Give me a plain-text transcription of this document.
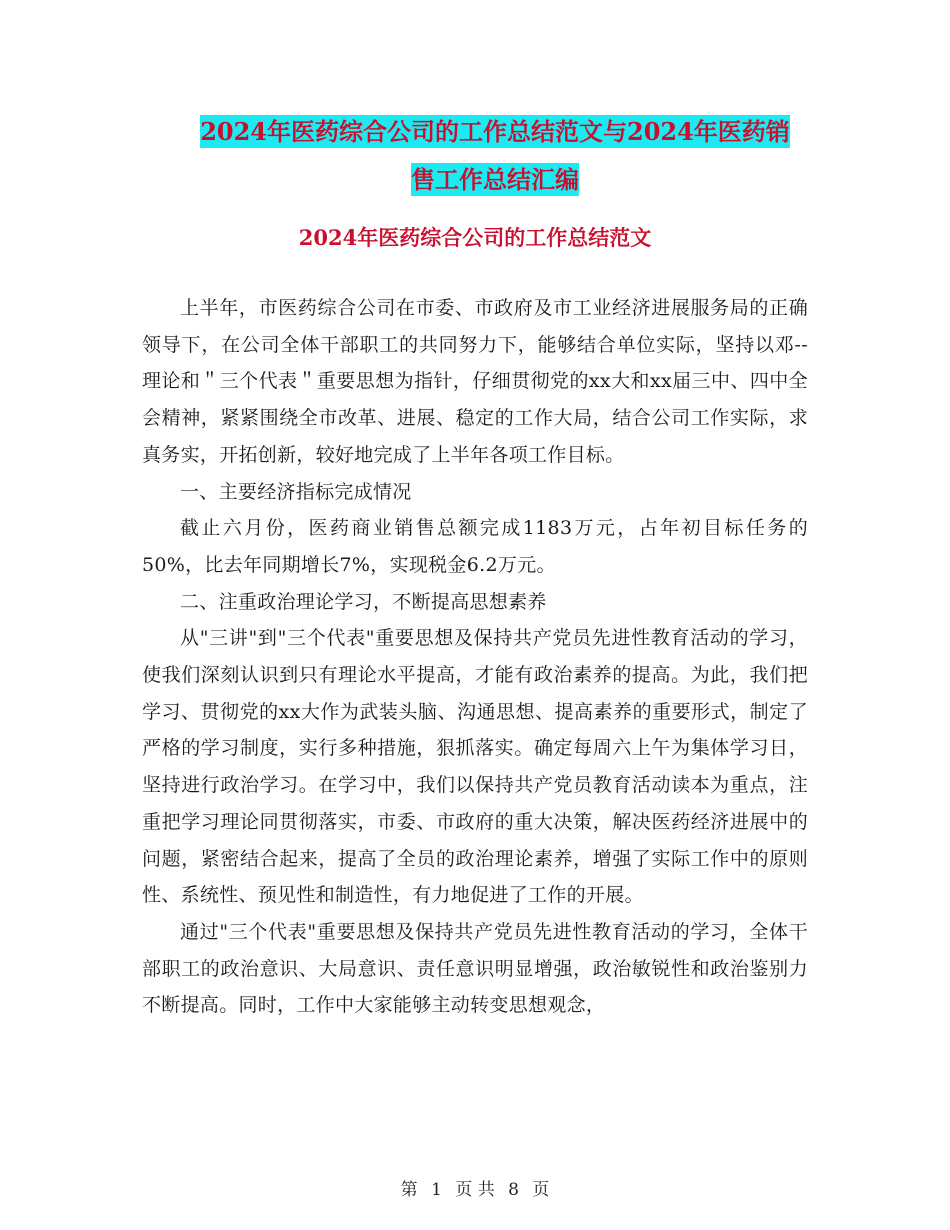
2024年医药综合公司的工作总结范文与2024年医药销
售工作总结汇编
2024年医药综合公司的工作总结范文

上半年，市医药综合公司在市委、市政府及市工业经济进展服务局的正确领导下，在公司全体干部职工的共同努力下，能够结合单位实际，坚持以邓--理论和＂三个代表＂重要思想为指针，仔细贯彻党的xx大和xx届三中、四中全会精神，紧紧围绕全市改革、进展、稳定的工作大局，结合公司工作实际，求真务实，开拓创新，较好地完成了上半年各项工作目标。

一、主要经济指标完成情况

截止六月份，医药商业销售总额完成1183万元，占年初目标任务的50%，比去年同期增长7%，实现税金6.2万元。

二、注重政治理论学习，不断提高思想素养

从"三讲"到"三个代表"重要思想及保持共产党员先进性教育活动的学习，使我们深刻认识到只有理论水平提高，才能有政治素养的提高。为此，我们把学习、贯彻党的xx大作为武装头脑、沟通思想、提高素养的重要形式，制定了严格的学习制度，实行多种措施，狠抓落实。确定每周六上午为集体学习日，坚持进行政治学习。在学习中，我们以保持共产党员教育活动读本为重点，注重把学习理论同贯彻落实，市委、市政府的重大决策，解决医药经济进展中的问题，紧密结合起来，提高了全员的政治理论素养，增强了实际工作中的原则性、系统性、预见性和制造性，有力地促进了工作的开展。

通过"三个代表"重要思想及保持共产党员先进性教育活动的学习，全体干部职工的政治意识、大局意识、责任意识明显增强，政治敏锐性和政治鉴别力不断提高。同时，工作中大家能够主动转变思想观念，

第 1 页 共 8 页
